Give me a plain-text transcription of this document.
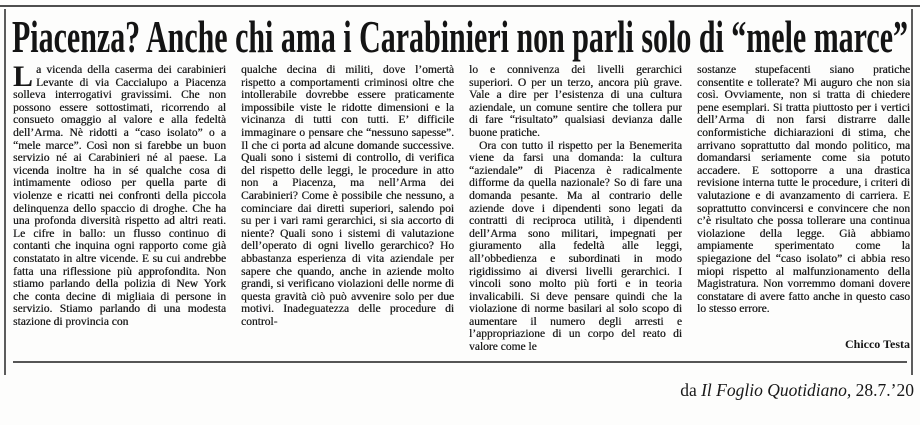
Piacenza? Anche chi ama i Carabinieri non parli solo di “mele marce”

La vicenda della caserma dei carabinieri Levante di via Caccialupo a Piacenza solleva interrogativi gravissimi. Che non possono essere sottostimati, ricorrendo al consueto omaggio al valore e alla fedeltà dell’Arma. Nè ridotti a “caso isolato” o a “mele marce”. Così non si farebbe un buon servizio né ai Carabinieri né al paese. La vicenda inoltre ha in sé qualche cosa di intimamente odioso per quella parte di violenze e ricatti nei confronti della piccola delinquenza dello spaccio di droghe. Che ha una profonda diversità rispetto ad altri reati. Le cifre in ballo: un flusso continuo di contanti che inquina ogni rapporto come già constatato in altre vicende. E su cui andrebbe fatta una riflessione più approfondita. Non stiamo parlando della polizia di New York che conta decine di migliaia di persone in servizio. Stiamo parlando di una modesta stazione di provincia con

qualche decina di militi, dove l’omertà rispetto a comportamenti criminosi oltre che intollerabile dovrebbe essere praticamente impossibile viste le ridotte dimensioni e la vicinanza di tutti con tutti. E’ difficile immaginare o pensare che “nessuno sapesse”. Il che ci porta ad alcune domande successive. Quali sono i sistemi di controllo, di verifica del rispetto delle leggi, le procedure in atto non a Piacenza, ma nell’Arma dei Carabinieri? Come è possibile che nessuno, a cominciare dai diretti superiori, salendo poi su per i vari rami gerarchici, si sia accorto di niente? Quali sono i sistemi di valutazione dell’operato di ogni livello gerarchico? Ho abbastanza esperienza di vita aziendale per sapere che quando, anche in aziende molto grandi, si verificano violazioni delle norme di questa gravità ciò può avvenire solo per due motivi. Inadeguatezza delle procedure di control-

lo e connivenza dei livelli gerarchici superiori. O per un terzo, ancora più grave. Vale a dire per l’esistenza di una cultura aziendale, un comune sentire che tollera pur di fare “risultato” qualsiasi devianza dalle buone pratiche.

Ora con tutto il rispetto per la Benemerita viene da farsi una domanda: la cultura “aziendale” di Piacenza è radicalmente difforme da quella nazionale? So di fare una domanda pesante. Ma al contrario delle aziende dove i dipendenti sono legati da contratti di reciproca utilità, i dipendenti dell’Arma sono militari, impegnati per giuramento alla fedeltà alle leggi, all’obbedienza e subordinati in modo rigidissimo ai diversi livelli gerarchici. I vincoli sono molto più forti e in teoria invalicabili. Si deve pensare quindi che la violazione di norme basilari al solo scopo di aumentare il numero degli arresti e l’appropriazione di un corpo del reato di valore come le

sostanze stupefacenti siano pratiche consentite e tollerate? Mi auguro che non sia così. Ovviamente, non si tratta di chiedere pene esemplari. Si tratta piuttosto per i vertici dell’Arma di non farsi distrarre dalle conformistiche dichiarazioni di stima, che arrivano soprattutto dal mondo politico, ma domandarsi seriamente come sia potuto accadere. E sottoporre a una drastica revisione interna tutte le procedure, i criteri di valutazione e di avanzamento di carriera. E soprattutto convincersi e convincere che non c’è risultato che possa tollerare una continua violazione della legge. Già abbiamo ampiamente sperimentato come la spiegazione del “caso isolato” ci abbia reso miopi rispetto al malfunzionamento della Magistratura. Non vorremmo domani dovere constatare di avere fatto anche in questo caso lo stesso errore.

Chicco Testa
da Il Foglio Quotidiano, 28.7.’20
